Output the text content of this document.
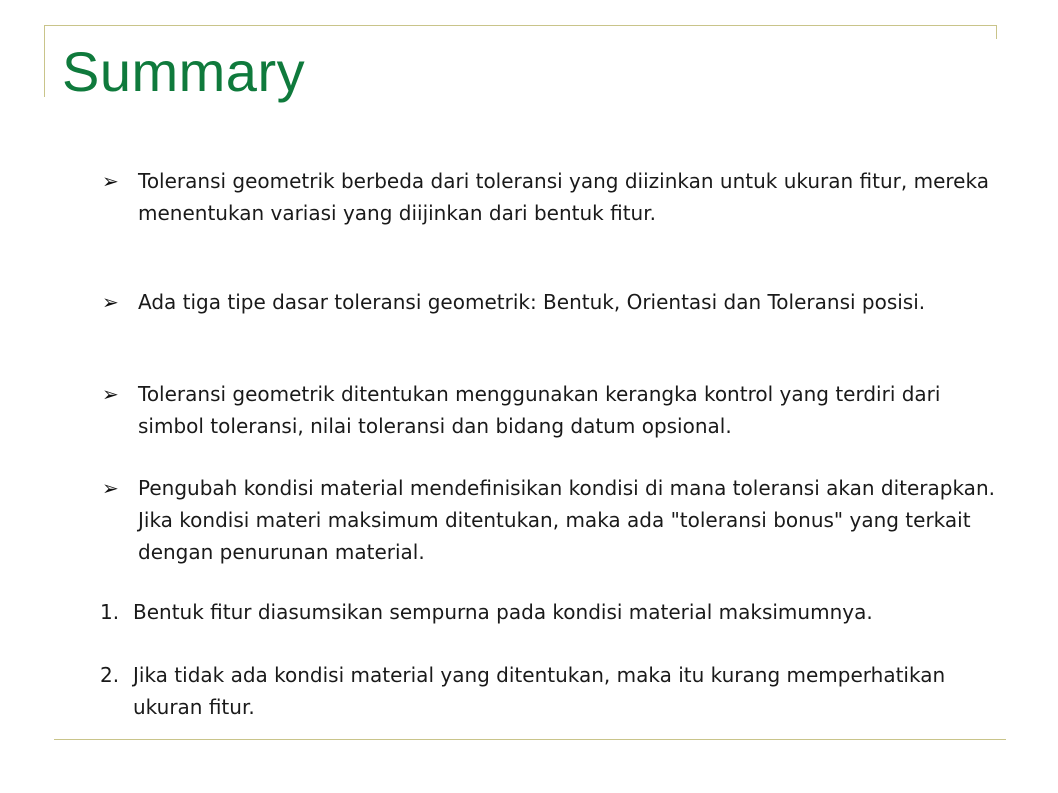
Summary
➢ Toleransi geometrik berbeda dari toleransi yang diizinkan untuk ukuran fitur, mereka menentukan variasi yang diijinkan dari bentuk fitur.
➢ Ada tiga tipe dasar toleransi geometrik: Bentuk, Orientasi dan Toleransi posisi.
➢ Toleransi geometrik ditentukan menggunakan kerangka kontrol yang terdiri dari simbol toleransi, nilai toleransi dan bidang datum opsional.
➢ Pengubah kondisi material mendefinisikan kondisi di mana toleransi akan diterapkan. Jika kondisi materi maksimum ditentukan, maka ada "toleransi bonus" yang terkait dengan penurunan material.
1. Bentuk fitur diasumsikan sempurna pada kondisi material maksimumnya.
2. Jika tidak ada kondisi material yang ditentukan, maka itu kurang memperhatikan ukuran fitur.
